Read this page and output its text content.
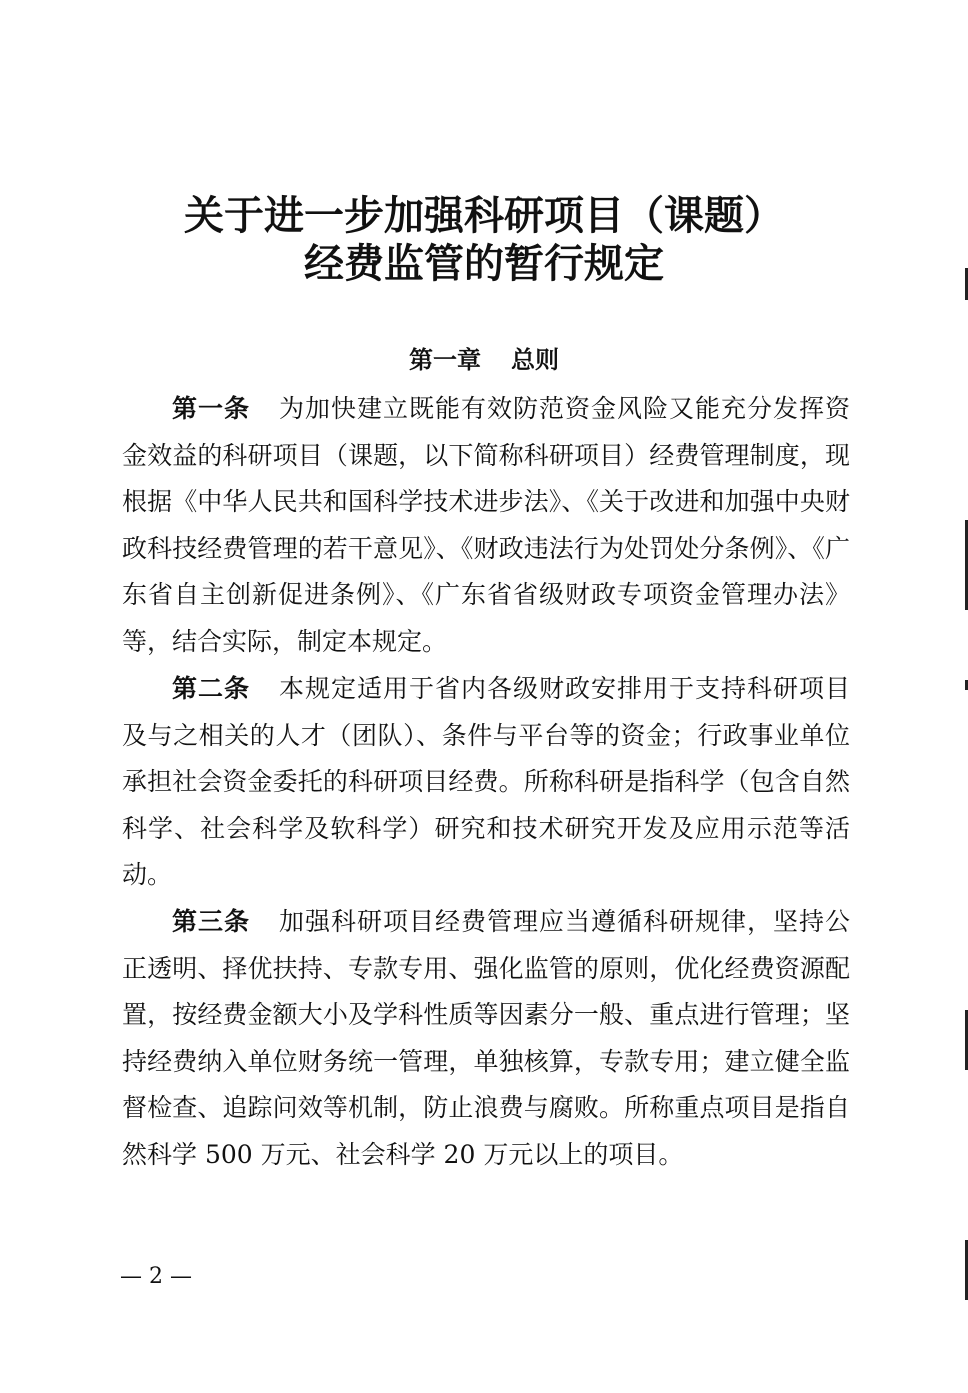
关于进一步加强科研项目（课题）
经费监管的暂行规定
第一章 总则

第一条 为加快建立既能有效防范资金风险又能充分发挥资金效益的科研项目（课题，以下简称科研项目）经费管理制度，现根据《中华人民共和国科学技术进步法》、《关于改进和加强中央财政科技经费管理的若干意见》、《财政违法行为处罚处分条例》、《广东省自主创新促进条例》、《广东省省级财政专项资金管理办法》等，结合实际，制定本规定。

第二条 本规定适用于省内各级财政安排用于支持科研项目及与之相关的人才（团队）、条件与平台等的资金；行政事业单位承担社会资金委托的科研项目经费。所称科研是指科学（包含自然科学、社会科学及软科学）研究和技术研究开发及应用示范等活动。

第三条 加强科研项目经费管理应当遵循科研规律，坚持公正透明、择优扶持、专款专用、强化监管的原则，优化经费资源配置，按经费金额大小及学科性质等因素分一般、重点进行管理；坚持经费纳入单位财务统一管理，单独核算，专款专用；建立健全监督检查、追踪问效等机制，防止浪费与腐败。所称重点项目是指自然科学 500 万元、社会科学 20 万元以上的项目。

— 2 —
